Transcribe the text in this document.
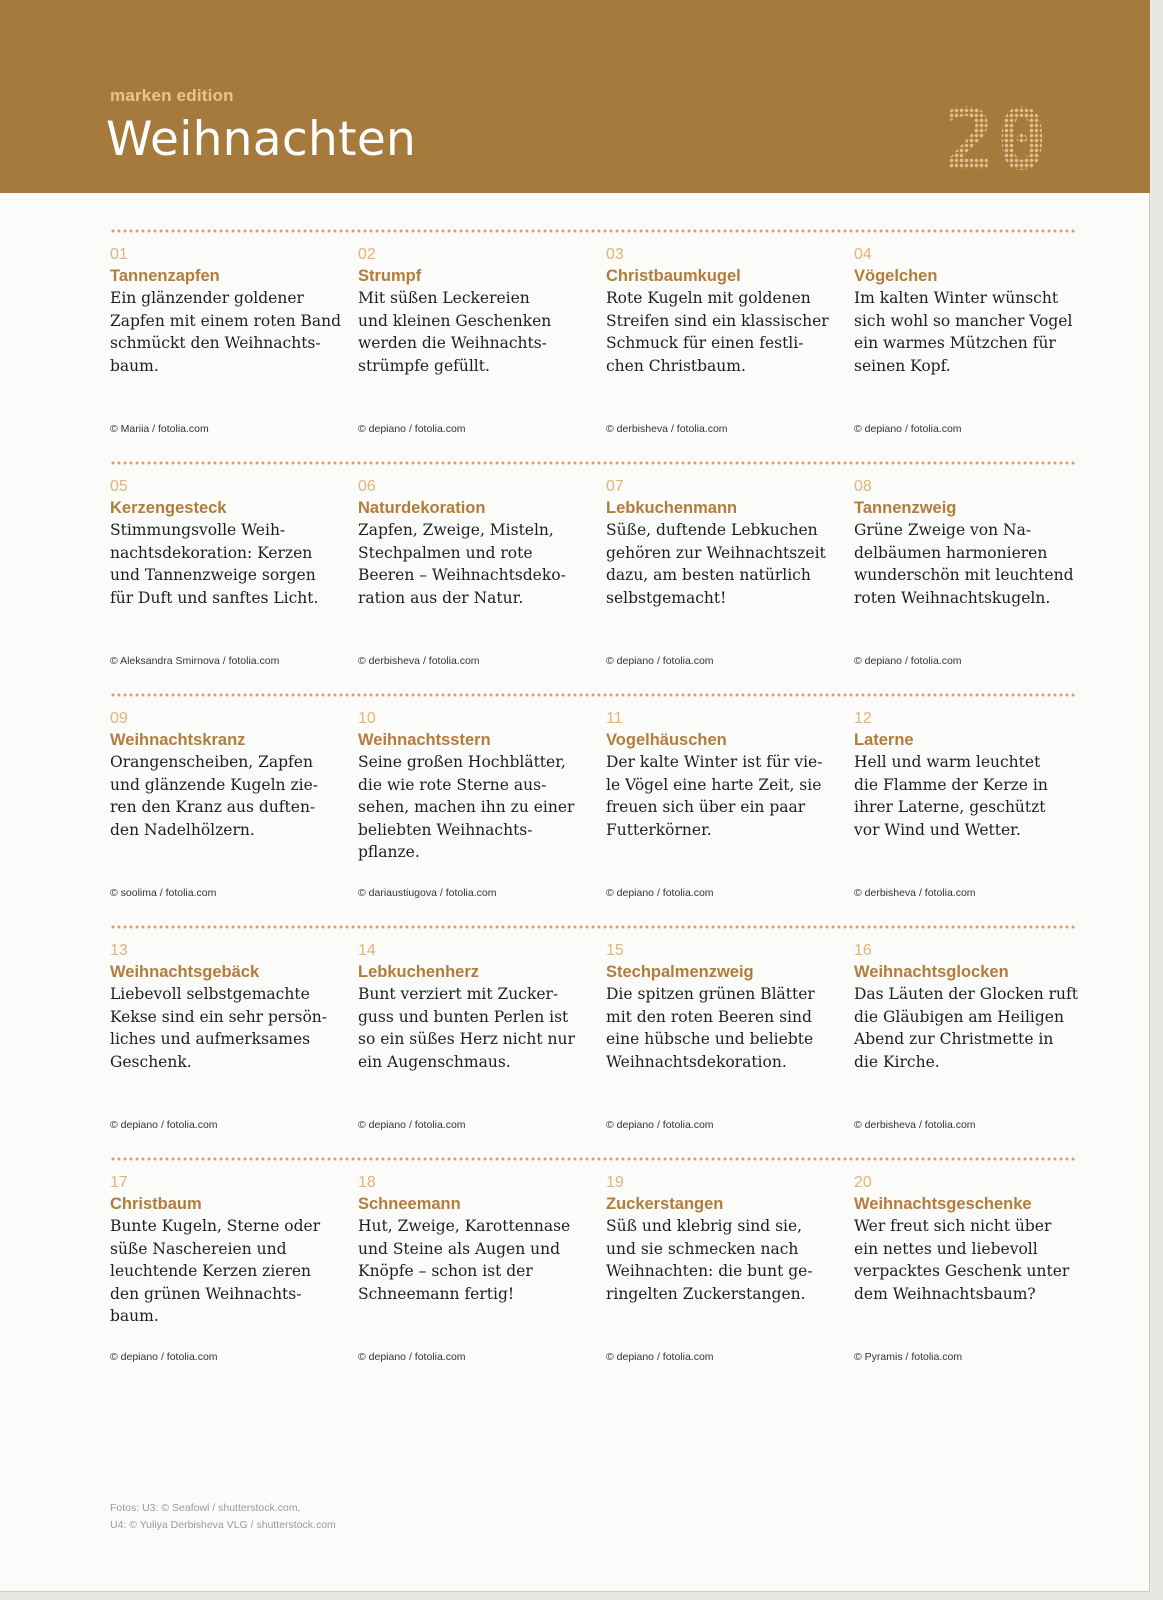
marken edition
Weihnachten	20
01
Tannenzapfen
Ein glänzender goldener
Zapfen mit einem roten Band
schmückt den Weihnachts-
baum.
© Mariia / fotolia.com
02
Strumpf
Mit süßen Leckereien
und kleinen Geschenken
werden die Weihnachts-
strümpfe gefüllt.
© depiano / fotolia.com
03
Christbaumkugel
Rote Kugeln mit goldenen
Streifen sind ein klassischer
Schmuck für einen festli-
chen Christbaum.
© derbisheva / fotolia.com
04
Vögelchen
Im kalten Winter wünscht
sich wohl so mancher Vogel
ein warmes Mützchen für
seinen Kopf.
© depiano / fotolia.com
05
Kerzengesteck
Stimmungsvolle Weih-
nachtsdekoration: Kerzen
und Tannenzweige sorgen
für Duft und sanftes Licht.
© Aleksandra Smirnova / fotolia.com
06
Naturdekoration
Zapfen, Zweige, Misteln,
Stechpalmen und rote
Beeren – Weihnachtsdeko-
ration aus der Natur.
© derbisheva / fotolia.com
07
Lebkuchenmann
Süße, duftende Lebkuchen
gehören zur Weihnachtszeit
dazu, am besten natürlich
selbstgemacht!
© depiano / fotolia.com
08
Tannenzweig
Grüne Zweige von Na-
delbäumen harmonieren
wunderschön mit leuchtend
roten Weihnachtskugeln.
© depiano / fotolia.com
09
Weihnachtskranz
Orangenscheiben, Zapfen
und glänzende Kugeln zie-
ren den Kranz aus duften-
den Nadelhölzern.
© soolima / fotolia.com
10
Weihnachtsstern
Seine großen Hochblätter,
die wie rote Sterne aus-
sehen, machen ihn zu einer
beliebten Weihnachts-
pflanze.
© dariaustiugova / fotolia.com
11
Vogelhäuschen
Der kalte Winter ist für vie-
le Vögel eine harte Zeit, sie
freuen sich über ein paar
Futterkörner.
© depiano / fotolia.com
12
Laterne
Hell und warm leuchtet
die Flamme der Kerze in
ihrer Laterne, geschützt
vor Wind und Wetter.
© derbisheva / fotolia.com
13
Weihnachtsgebäck
Liebevoll selbstgemachte
Kekse sind ein sehr persön-
liches und aufmerksames
Geschenk.
© depiano / fotolia.com
14
Lebkuchenherz
Bunt verziert mit Zucker-
guss und bunten Perlen ist
so ein süßes Herz nicht nur
ein Augenschmaus.
© depiano / fotolia.com
15
Stechpalmenzweig
Die spitzen grünen Blätter
mit den roten Beeren sind
eine hübsche und beliebte
Weihnachtsdekoration.
© depiano / fotolia.com
16
Weihnachtsglocken
Das Läuten der Glocken ruft
die Gläubigen am Heiligen
Abend zur Christmette in
die Kirche.
© derbisheva / fotolia.com
17
Christbaum
Bunte Kugeln, Sterne oder
süße Naschereien und
leuchtende Kerzen zieren
den grünen Weihnachts-
baum.
© depiano / fotolia.com
18
Schneemann
Hut, Zweige, Karottennase
und Steine als Augen und
Knöpfe – schon ist der
Schneemann fertig!
© depiano / fotolia.com
19
Zuckerstangen
Süß und klebrig sind sie,
und sie schmecken nach
Weihnachten: die bunt ge-
ringelten Zuckerstangen.
© depiano / fotolia.com
20
Weihnachtsgeschenke
Wer freut sich nicht über
ein nettes und liebevoll
verpacktes Geschenk unter
dem Weihnachtsbaum?
© Pyramis / fotolia.com
Fotos: U3: © Seafowl / shutterstock.com,
U4: © Yuliya Derbisheva VLG / shutterstock.com
